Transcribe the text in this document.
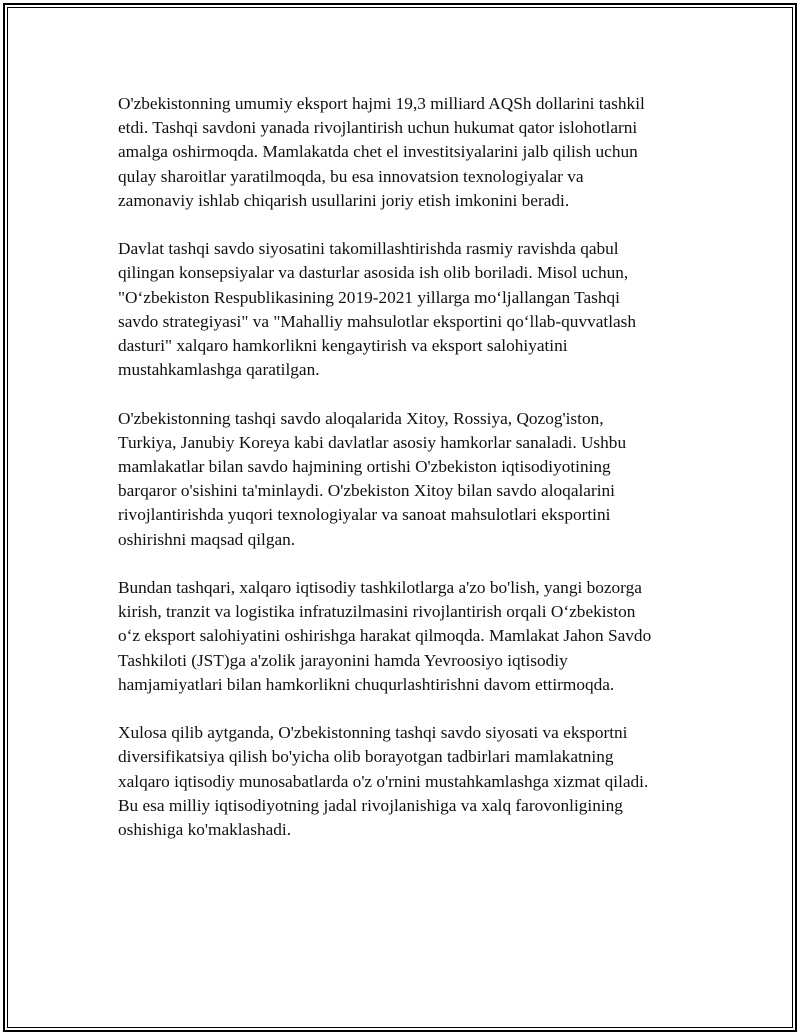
O'zbekistonning umumiy eksport hajmi 19,3 milliard AQSh dollarini tashkil
etdi. Tashqi savdoni yanada rivojlantirish uchun hukumat qator islohotlarni
amalga oshirmoqda. Mamlakatda chet el investitsiyalarini jalb qilish uchun
qulay sharoitlar yaratilmoqda, bu esa innovatsion texnologiyalar va
zamonaviy ishlab chiqarish usullarini joriy etish imkonini beradi.

Davlat tashqi savdo siyosatini takomillashtirishda rasmiy ravishda qabul
qilingan konsepsiyalar va dasturlar asosida ish olib boriladi. Misol uchun,
"O‘zbekiston Respublikasining 2019-2021 yillarga mo‘ljallangan Tashqi
savdo strategiyasi" va "Mahalliy mahsulotlar eksportini qo‘llab-quvvatlash
dasturi" xalqaro hamkorlikni kengaytirish va eksport salohiyatini
mustahkamlashga qaratilgan.

O'zbekistonning tashqi savdo aloqalarida Xitoy, Rossiya, Qozog'iston,
Turkiya, Janubiy Koreya kabi davlatlar asosiy hamkorlar sanaladi. Ushbu
mamlakatlar bilan savdo hajmining ortishi O'zbekiston iqtisodiyotining
barqaror o'sishini ta'minlaydi. O'zbekiston Xitoy bilan savdo aloqalarini
rivojlantirishda yuqori texnologiyalar va sanoat mahsulotlari eksportini
oshirishni maqsad qilgan.

Bundan tashqari, xalqaro iqtisodiy tashkilotlarga a'zo bo'lish, yangi bozorga
kirish, tranzit va logistika infratuzilmasini rivojlantirish orqali O‘zbekiston
o‘z eksport salohiyatini oshirishga harakat qilmoqda. Mamlakat Jahon Savdo
Tashkiloti (JST)ga a'zolik jarayonini hamda Yevroosiyo iqtisodiy
hamjamiyatlari bilan hamkorlikni chuqurlashtirishni davom ettirmoqda.

Xulosa qilib aytganda, O'zbekistonning tashqi savdo siyosati va eksportni
diversifikatsiya qilish bo'yicha olib borayotgan tadbirlari mamlakatning
xalqaro iqtisodiy munosabatlarda o'z o'rnini mustahkamlashga xizmat qiladi.
Bu esa milliy iqtisodiyotning jadal rivojlanishiga va xalq farovonligining
oshishiga ko'maklashadi.
